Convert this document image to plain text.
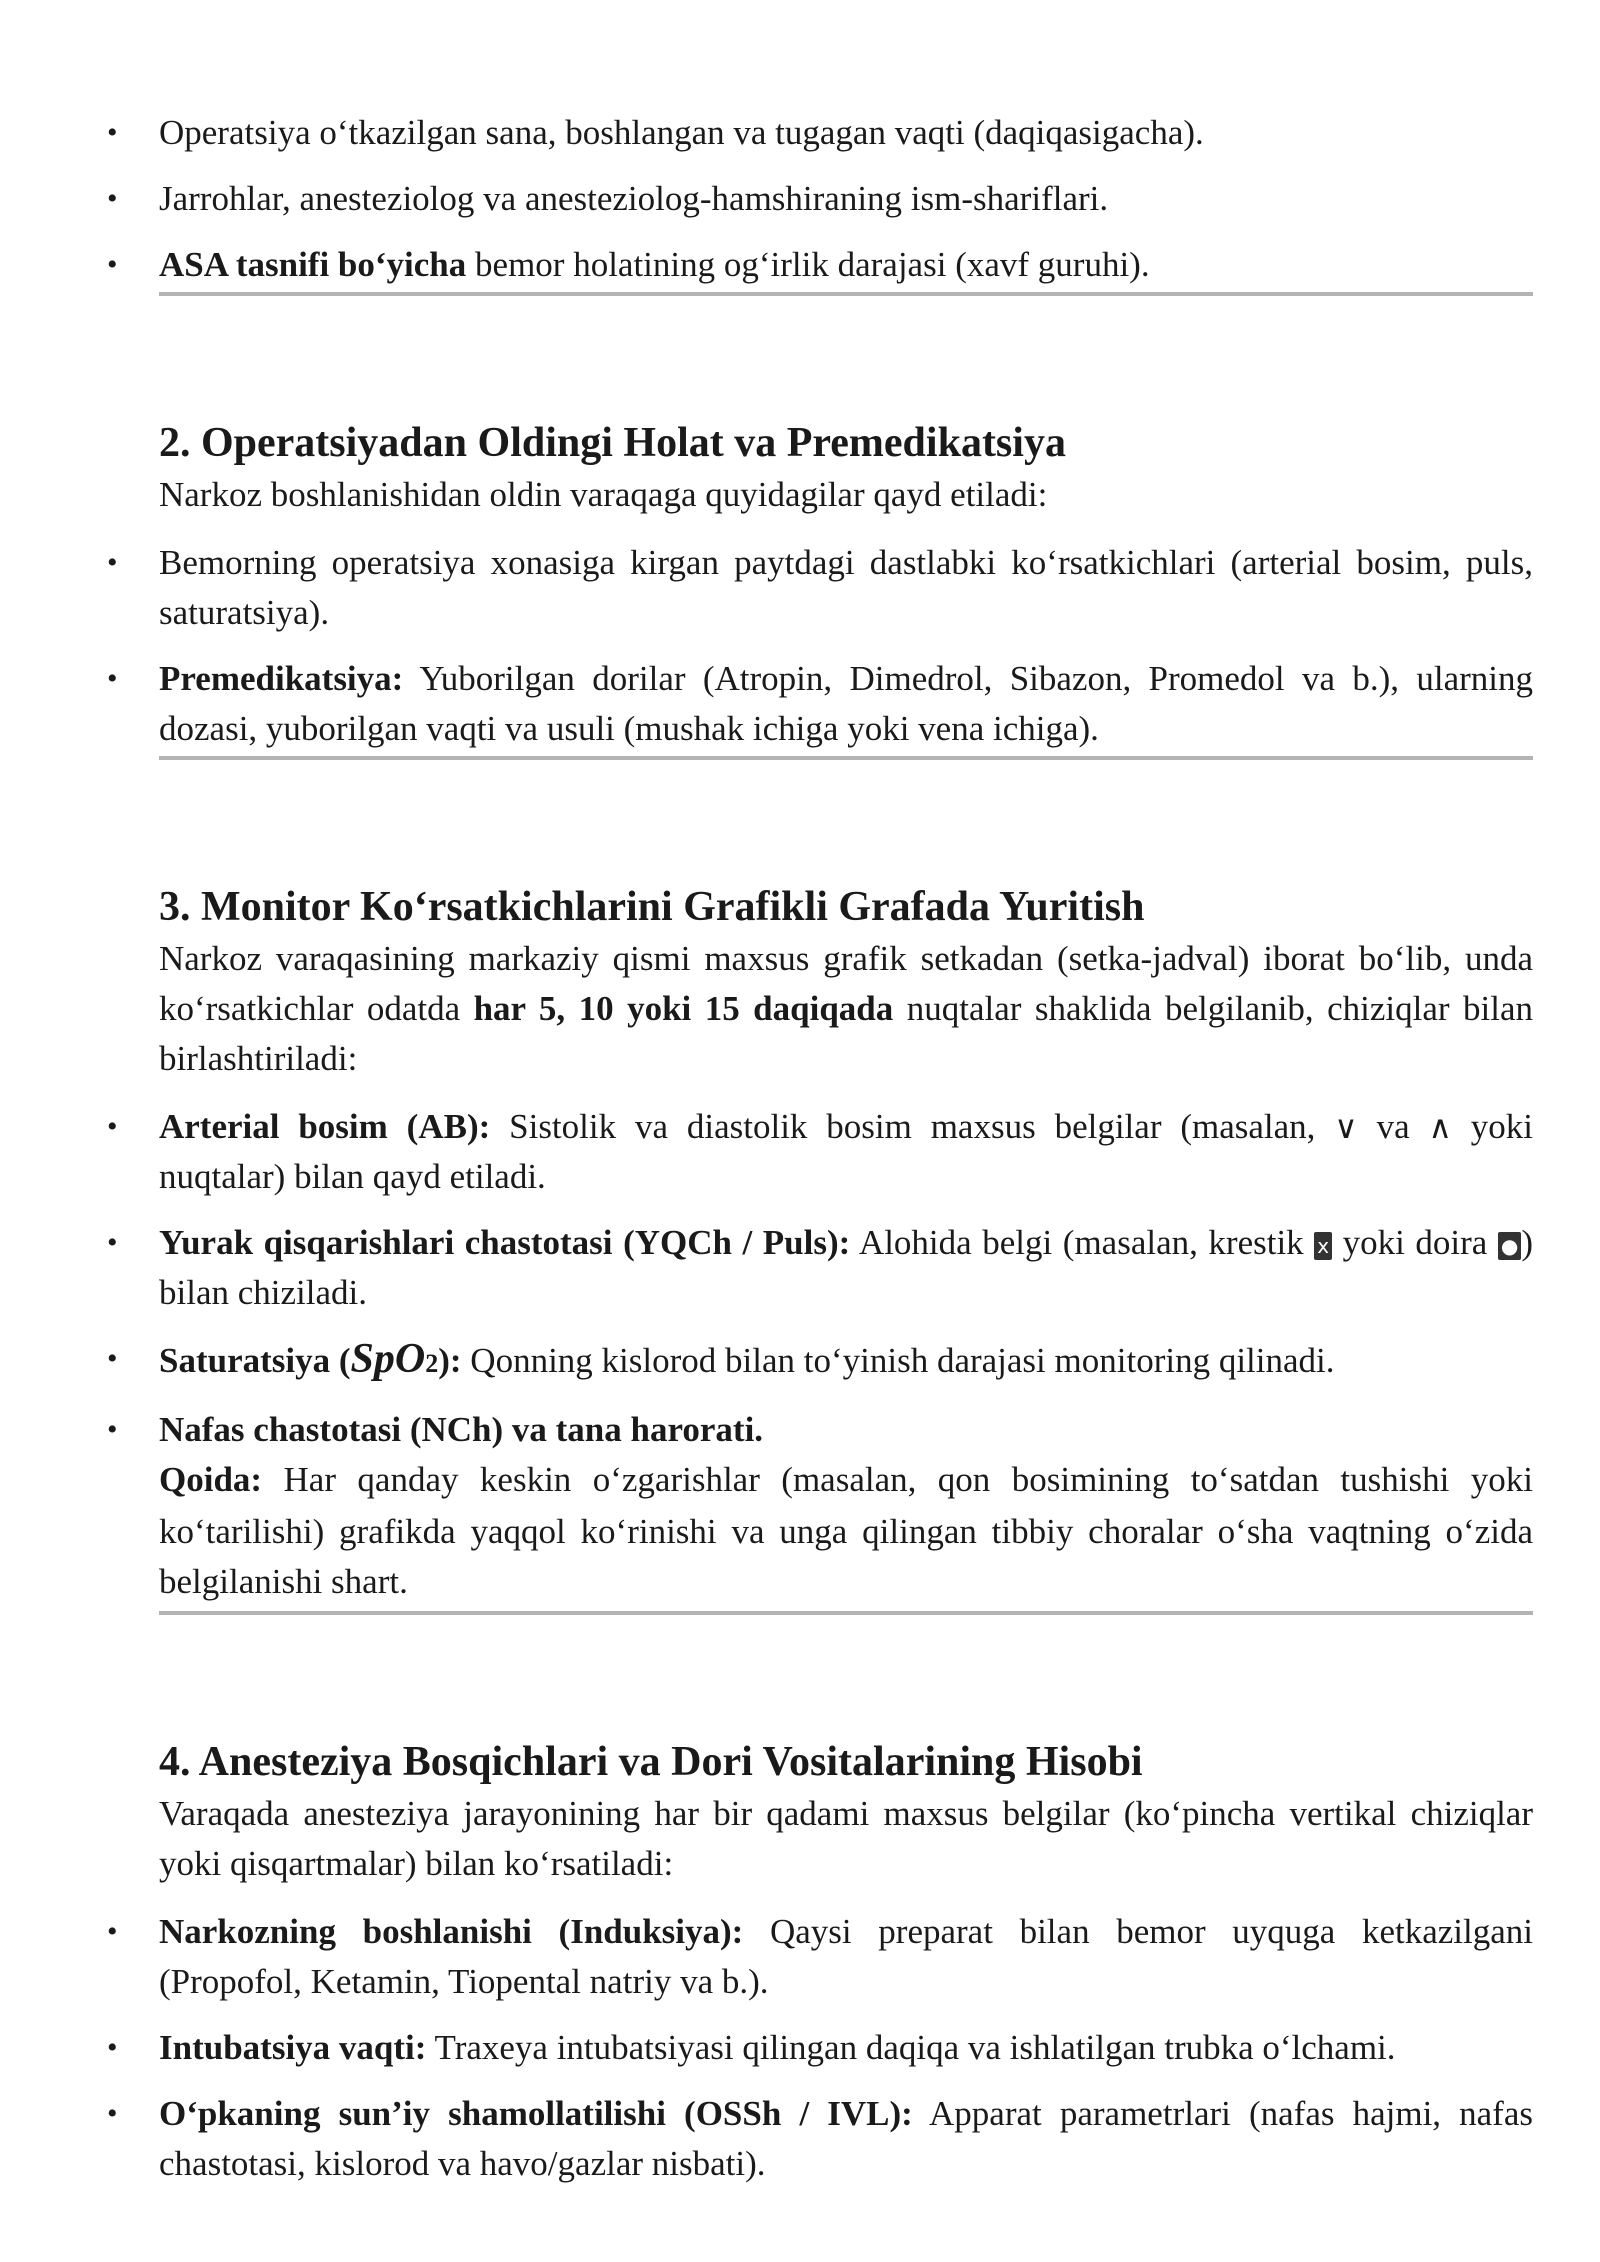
• Operatsiya o‘tkazilgan sana, boshlangan va tugagan vaqti (daqiqasigacha).
• Jarrohlar, anesteziolog va anesteziolog-hamshiraning ism-shariflari.
• ASA tasnifi bo‘yicha bemor holatining og‘irlik darajasi (xavf guruhi).
2. Operatsiyadan Oldingi Holat va Premedikatsiya

Narkoz boshlanishidan oldin varaqaga quyidagilar qayd etiladi:

• Bemorning operatsiya xonasiga kirgan paytdagi dastlabki ko‘rsatkichlari (arterial bosim, puls, saturatsiya).
• Premedikatsiya: Yuborilgan dorilar (Atropin, Dimedrol, Sibazon, Promedol va b.), ularning dozasi, yuborilgan vaqti va usuli (mushak ichiga yoki vena ichiga).
3. Monitor Ko‘rsatkichlarini Grafikli Grafada Yuritish

Narkoz varaqasining markaziy qismi maxsus grafik setkadan (setka-jadval) iborat bo‘lib, unda ko‘rsatkichlar odatda har 5, 10 yoki 15 daqiqada nuqtalar shaklida belgilanib, chiziqlar bilan birlashtiriladi:

• Arterial bosim (AB): Sistolik va diastolik bosim maxsus belgilar (masalan, ∨ va ∧ yoki nuqtalar) bilan qayd etiladi.
• Yurak qisqarishlari chastotasi (YQCh / Puls): Alohida belgi (masalan, krestik x yoki doira ●) bilan chiziladi.
• Saturatsiya (SpO2): Qonning kislorod bilan to‘yinish darajasi monitoring qilinadi.
• Nafas chastotasi (NCh) va tana harorati.
Qoida: Har qanday keskin o‘zgarishlar (masalan, qon bosimining to‘satdan tushishi yoki ko‘tarilishi) grafikda yaqqol ko‘rinishi va unga qilingan tibbiy choralar o‘sha vaqtning o‘zida belgilanishi shart.
4. Anesteziya Bosqichlari va Dori Vositalarining Hisobi

Varaqada anesteziya jarayonining har bir qadami maxsus belgilar (ko‘pincha vertikal chiziqlar yoki qisqartmalar) bilan ko‘rsatiladi:

• Narkozning boshlanishi (Induksiya): Qaysi preparat bilan bemor uyquga ketkazilgani (Propofol, Ketamin, Tiopental natriy va b.).
• Intubatsiya vaqti: Traxeya intubatsiyasi qilingan daqiqa va ishlatilgan trubka o‘lchami.
• O‘pkaning sun’iy shamollatilishi (OSSh / IVL): Apparat parametrlari (nafas hajmi, nafas chastotasi, kislorod va havo/gazlar nisbati).
